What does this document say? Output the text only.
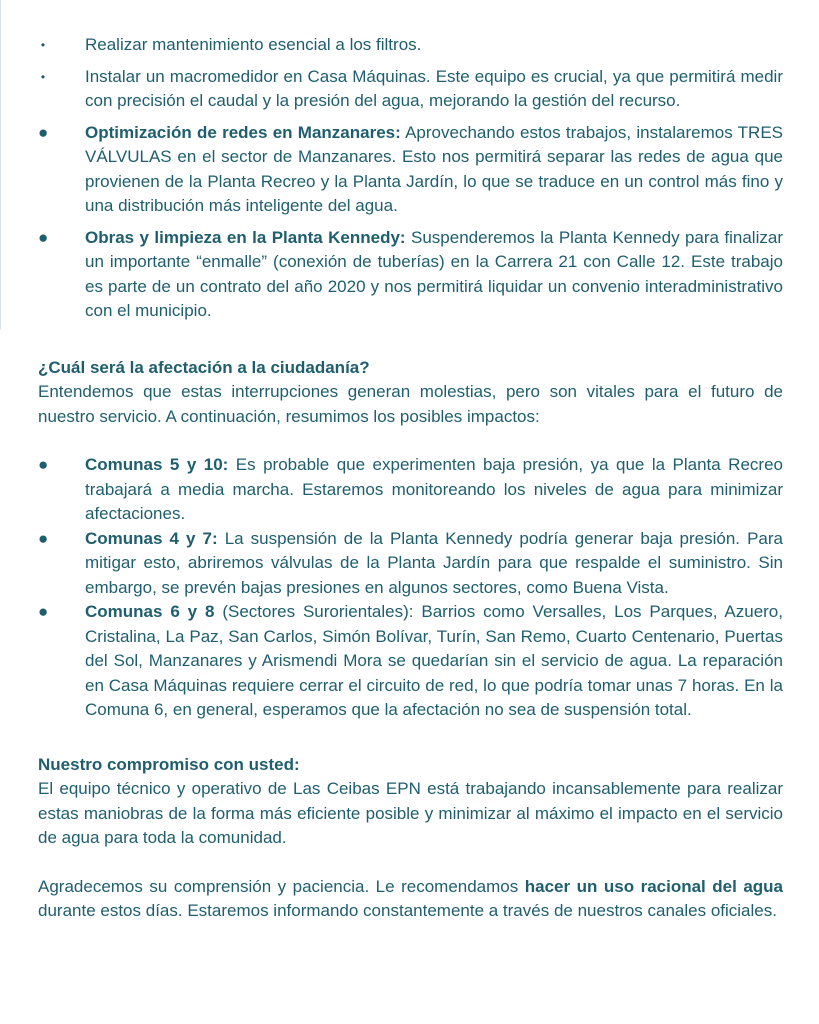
• Realizar mantenimiento esencial a los filtros.
• Instalar un macromedidor en Casa Máquinas. Este equipo es crucial, ya que permitirá medir con precisión el caudal y la presión del agua, mejorando la gestión del recurso.
● Optimización de redes en Manzanares: Aprovechando estos trabajos, instalaremos TRES VÁLVULAS en el sector de Manzanares. Esto nos permitirá separar las redes de agua que provienen de la Planta Recreo y la Planta Jardín, lo que se traduce en un control más fino y una distribución más inteligente del agua.
● Obras y limpieza en la Planta Kennedy: Suspenderemos la Planta Kennedy para finalizar un importante “enmalle” (conexión de tuberías) en la Carrera 21 con Calle 12. Este trabajo es parte de un contrato del año 2020 y nos permitirá liquidar un convenio interadministrativo con el municipio.

¿Cuál será la afectación a la ciudadanía?

Entendemos que estas interrupciones generan molestias, pero son vitales para el futuro de nuestro servicio. A continuación, resumimos los posibles impactos:

● Comunas 5 y 10: Es probable que experimenten baja presión, ya que la Planta Recreo trabajará a media marcha. Estaremos monitoreando los niveles de agua para minimizar afectaciones.
● Comunas 4 y 7: La suspensión de la Planta Kennedy podría generar baja presión. Para mitigar esto, abriremos válvulas de la Planta Jardín para que respalde el suministro. Sin embargo, se prevén bajas presiones en algunos sectores, como Buena Vista.
● Comunas 6 y 8 (Sectores Surorientales): Barrios como Versalles, Los Parques, Azuero, Cristalina, La Paz, San Carlos, Simón Bolívar, Turín, San Remo, Cuarto Centenario, Puertas del Sol, Manzanares y Arismendi Mora se quedarían sin el servicio de agua. La reparación en Casa Máquinas requiere cerrar el circuito de red, lo que podría tomar unas 7 horas. En la Comuna 6, en general, esperamos que la afectación no sea de suspensión total.

Nuestro compromiso con usted:

El equipo técnico y operativo de Las Ceibas EPN está trabajando incansablemente para realizar estas maniobras de la forma más eficiente posible y minimizar al máximo el impacto en el servicio de agua para toda la comunidad.

Agradecemos su comprensión y paciencia. Le recomendamos hacer un uso racional del agua durante estos días. Estaremos informando constantemente a través de nuestros canales oficiales.
